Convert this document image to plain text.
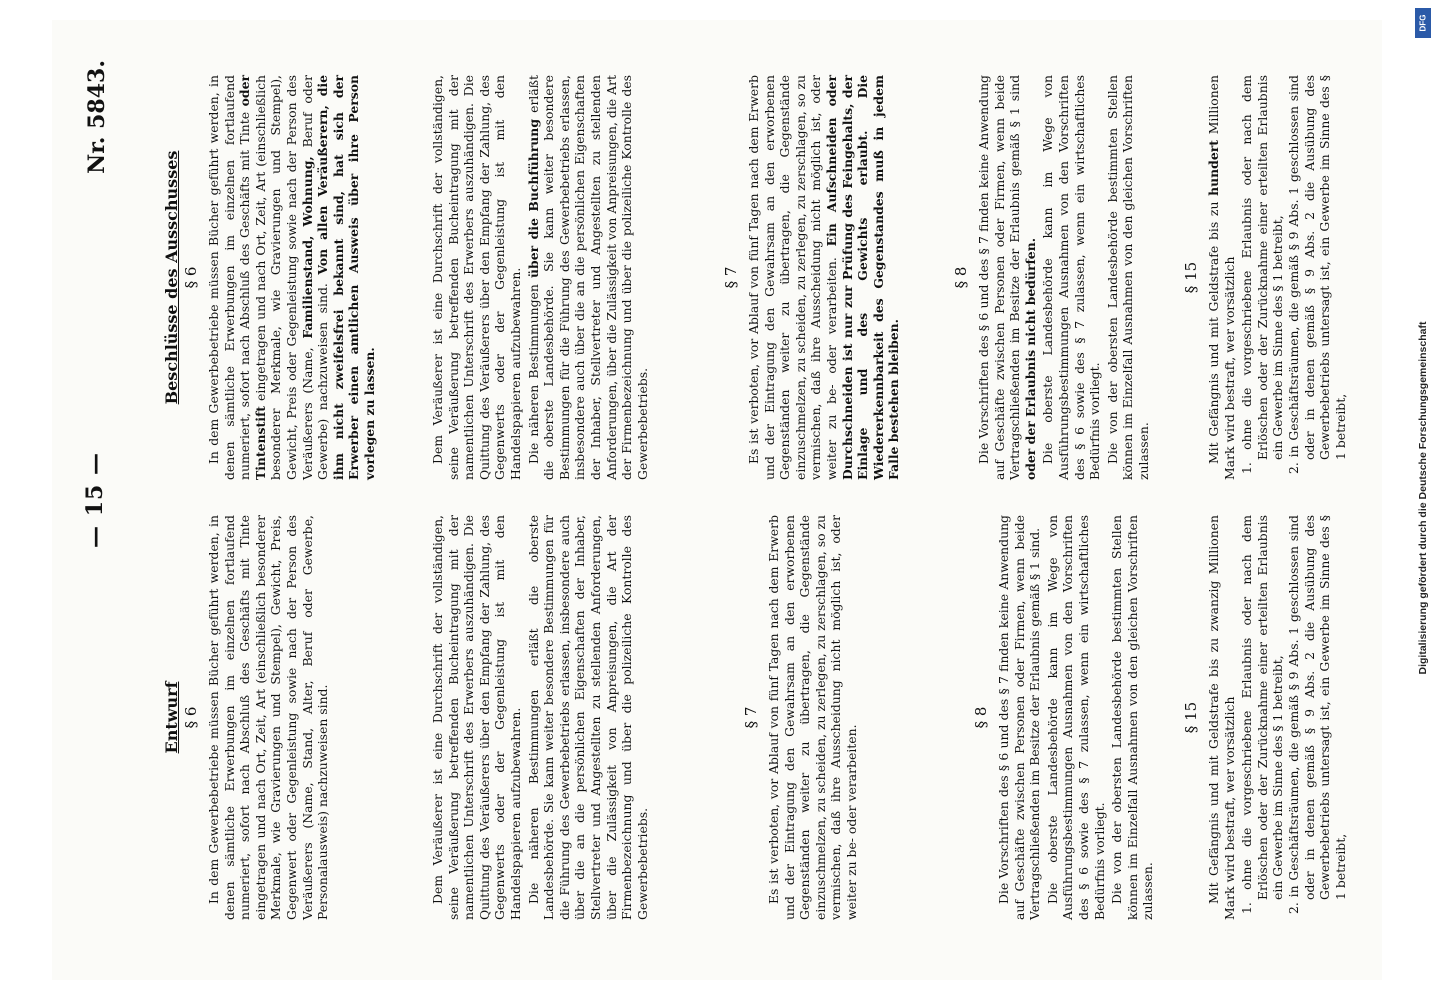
— 15 —
Nr. 5843.
Entwurf § 6 In dem Gewerbebetriebe müssen Bücher geführt werden, in denen sämtliche Erwerbungen im einzelnen fortlaufend numeriert, sofort nach Abschluß des Geschäfts mit Tinte eingetragen und nach Ort, Zeit, Art (einschließlich besonderer Merkmale, wie Gravierungen und Stempel), Gewicht, Preis, Gegenwert oder Gegenleistung sowie nach der Person des Veräußerers (Name, Stand, Alter, Beruf oder Gewerbe, Personalausweis) nachzuweisen sind.	Dem Veräußerer ist eine Durchschrift der vollständigen, seine Veräußerung betreffenden Bucheintragung mit der namentlichen Unterschrift des Erwerbers auszuhändigen. Die Quittung des Veräußerers über den Empfang der Zahlung, des Gegenwerts oder der Gegenleistung ist mit den Handelspapieren aufzubewahren. Die näheren Bestimmungen erläßt die oberste Landesbehörde. Sie kann weiter besondere Bestimmungen für die Führung des Gewerbebetriebs erlassen, insbesondere auch über die an die persönlichen Eigenschaften der Inhaber, Stellvertreter und Angestellten zu stellenden Anforderungen, über die Zulässigkeit von Anpreisungen, die Art der Firmenbezeichnung und über die polizeiliche Kontrolle des Gewerbebetriebs.

§ 7 Es ist verboten, vor Ablauf von fünf Tagen nach dem Erwerb und der Eintragung den Gewahrsam an den erworbenen Gegenständen weiter zu übertragen, die Gegenstände einzuschmelzen, zu scheiden, zu zerlegen, zu zerschlagen, so zu vermischen, daß ihre Ausscheidung nicht möglich ist, oder weiter zu be- oder verarbeiten.

§ 8 Die Vorschriften des § 6 und des § 7 finden keine Anwendung auf Geschäfte zwischen Personen oder Firmen, wenn beide Vertragschließenden im Besitze der Erlaubnis gemäß § 1 sind. Die oberste Landesbehörde kann im Wege von Ausführungsbestimmungen Ausnahmen von den Vorschriften des § 6 sowie des § 7 zulassen, wenn ein wirtschaftliches Bedürfnis vorliegt. Die von der obersten Landesbehörde bestimmten Stellen können im Einzelfall Ausnahmen von den gleichen Vorschriften zulassen.

§ 15 Mit Gefängnis und mit Geldstrafe bis zu zwanzig Millionen Mark wird bestraft, wer vorsätzlich 1. ohne die vorgeschriebene Erlaubnis oder nach dem Erlöschen oder der Zurücknahme einer erteilten Erlaubnis ein Gewerbe im Sinne des § 1 betreibt, 2. in Geschäftsräumen, die gemäß § 9 Abs. 1 geschlossen sind oder in denen gemäß § 9 Abs. 2 die Ausübung des Gewerbebetriebs untersagt ist, ein Gewerbe im Sinne des § 1 betreibt,

Beschlüsse des Ausschusses § 6 In dem Gewerbebetriebe müssen Bücher geführt werden, in denen sämtliche Erwerbungen im einzelnen fortlaufend numeriert, sofort nach Abschluß des Geschäfts mit Tinte oder Tintenstift eingetragen und nach Ort, Zeit, Art (einschließlich besonderer Merkmale, wie Gravierungen und Stempel), Gewicht, Preis oder Gegenleistung sowie nach der Person des Veräußerers (Name, Familienstand, Wohnung, Beruf oder Gewerbe) nachzuweisen sind. Von allen Veräußerern, die ihm nicht zweifelsfrei bekannt sind, hat sich der Erwerber einen amtlichen Ausweis über ihre Person vorlegen zu lassen.	Dem Veräußerer ist eine Durchschrift der vollständigen, seine Veräußerung betreffenden Bucheintragung mit der namentlichen Unterschrift des Erwerbers auszuhändigen. Die Quittung des Veräußerers über den Empfang der Zahlung, des Gegenwerts oder der Gegenleistung ist mit den Handelspapieren aufzubewahren. Die näheren Bestimmungen über die Buchführung erläßt die oberste Landesbehörde. Sie kann weiter besondere Bestimmungen für die Führung des Gewerbebetriebs erlassen, insbesondere auch über die an die persönlichen Eigenschaften der Inhaber, Stellvertreter und Angestellten zu stellenden Anforderungen, über die Zulässigkeit von Anpreisungen, die Art der Firmenbezeichnung und über die polizeiliche Kontrolle des Gewerbebetriebs.

§ 7 Es ist verboten, vor Ablauf von fünf Tagen nach dem Erwerb und der Eintragung den Gewahrsam an den erworbenen Gegenständen weiter zu übertragen, die Gegenstände einzuschmelzen, zu scheiden, zu zerlegen, zu zerschlagen, so zu vermischen, daß ihre Ausscheidung nicht möglich ist, oder weiter zu be- oder verarbeiten. Ein Aufschneiden oder Durchschneiden ist nur zur Prüfung des Feingehalts, der Einlage und des Gewichts erlaubt. Die Wiedererkennbarkeit des Gegenstandes muß in jedem Falle bestehen bleiben.

§ 8 Die Vorschriften des § 6 und des § 7 finden keine Anwendung auf Geschäfte zwischen Personen oder Firmen, wenn beide Vertragschließenden im Besitze der Erlaubnis gemäß § 1 sind oder der Erlaubnis nicht bedürfen. Die oberste Landesbehörde kann im Wege von Ausführungsbestimmungen Ausnahmen von den Vorschriften des § 6 sowie des § 7 zulassen, wenn ein wirtschaftliches Bedürfnis vorliegt. Die von der obersten Landesbehörde bestimmten Stellen können im Einzelfall Ausnahmen von den gleichen Vorschriften zulassen.

§ 15 Mit Gefängnis und mit Geldstrafe bis zu hundert Millionen Mark wird bestraft, wer vorsätzlich 1. ohne die vorgeschriebene Erlaubnis oder nach dem Erlöschen oder der Zurücknahme einer erteilten Erlaubnis ein Gewerbe im Sinne des § 1 betreibt, 2. in Geschäftsräumen, die gemäß § 9 Abs. 1 geschlossen sind oder in denen gemäß § 9 Abs. 2 die Ausübung des Gewerbebetriebs untersagt ist, ein Gewerbe im Sinne des § 1 betreibt,

DFG
Digitalisierung gefördert durch die Deutsche Forschungsgemeinschaft
